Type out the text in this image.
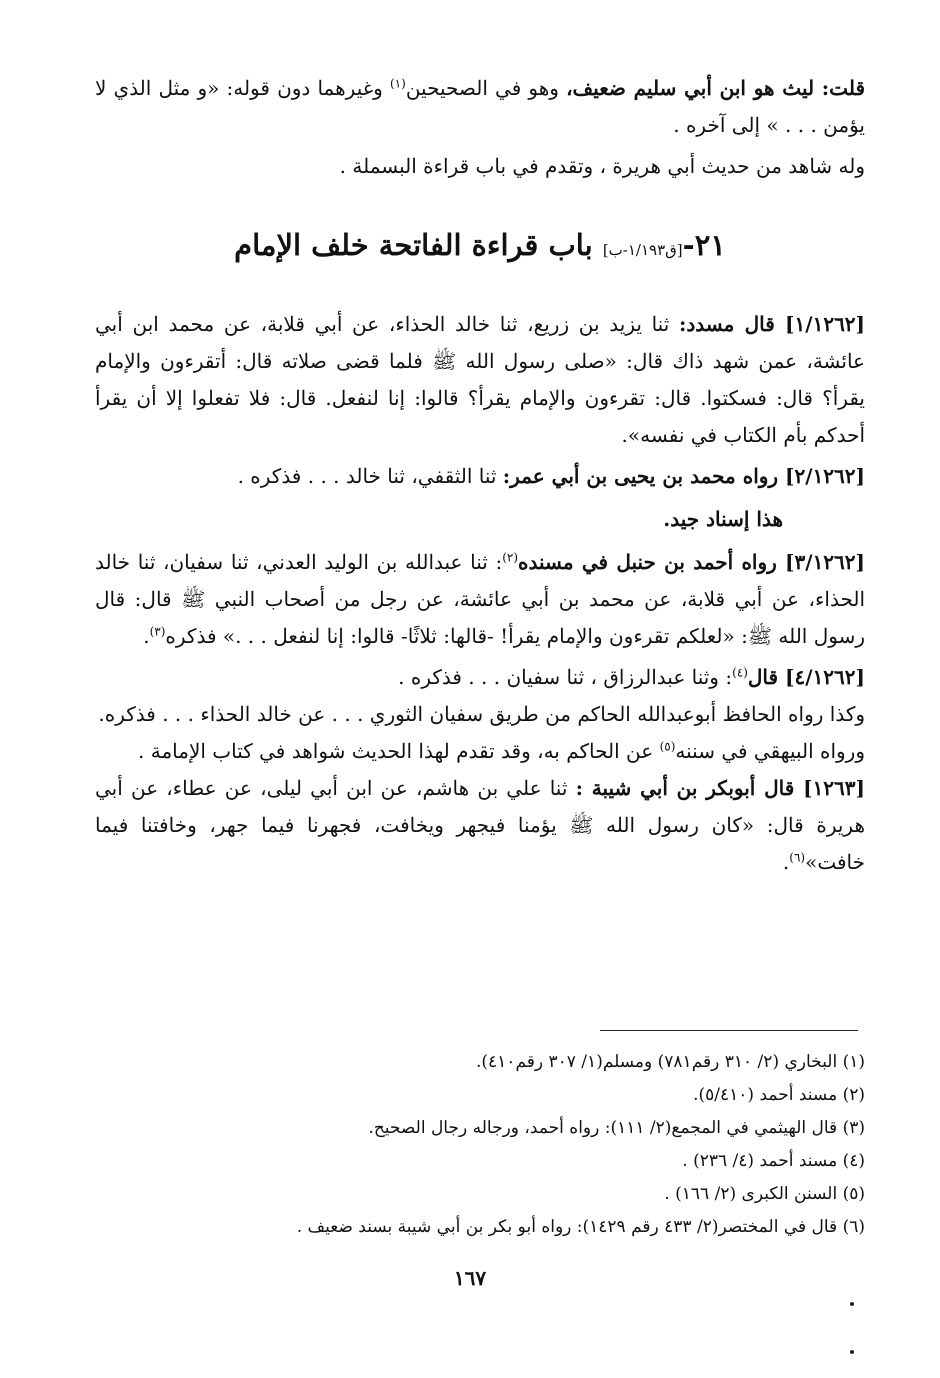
قلت: ليث هو ابن أبي سليم ضعيف، وهو في الصحيحين$^{(١)}$ وغيرهما دون قوله: «و مثل الذي لا يؤمن . . . » إلى آخره .

وله شاهد من حديث أبي هريرة ، وتقدم في باب قراءة البسملة .

٢١-[ق١/١٩٣-ب] باب قراءة الفاتحة خلف الإمام

[١/١٢٦٢] قال مسدد: ثنا يزيد بن زريع، ثنا خالد الحذاء، عن أبي قلابة، عن محمد ابن أبي عائشة، عمن شهد ذاك قال: «صلى رسول الله ﷺ فلما قضى صلاته قال: أتقرءون والإمام يقرأ؟ قال: فسكتوا. قال: تقرءون والإمام يقرأ؟ قالوا: إنا لنفعل. قال: فلا تفعلوا إلا أن يقرأ أحدكم بأم الكتاب في نفسه».

[٢/١٢٦٢] رواه محمد بن يحيى بن أبي عمر: ثنا الثقفي، ثنا خالد . . . فذكره .

هذا إسناد جيد.

[٣/١٢٦٢] رواه أحمد بن حنبل في مسنده$^{(٢)}$: ثنا عبدالله بن الوليد العدني، ثنا سفيان، ثنا خالد الحذاء، عن أبي قلابة، عن محمد بن أبي عائشة، عن رجل من أصحاب النبي ﷺ قال: قال رسول الله ﷺ: «لعلكم تقرءون والإمام يقرأ! -قالها: ثلاثًا- قالوا: إنا لنفعل . . .» فذكره$^{(٣)}$.

[٤/١٢٦٢] قال$^{(٤)}$: وثنا عبدالرزاق ، ثنا سفيان . . . فذكره .

وكذا رواه الحافظ أبوعبدالله الحاكم من طريق سفيان الثوري . . . عن خالد الحذاء . . . فذكره.

ورواه البيهقي في سننه$^{(٥)}$ عن الحاكم به، وقد تقدم لهذا الحديث شواهد في كتاب الإمامة .

[١٢٦٣] قال أبوبكر بن أبي شيبة : ثنا علي بن هاشم، عن ابن أبي ليلى، عن عطاء، عن أبي هريرة قال: «كان رسول الله ﷺ يؤمنا فيجهر ويخافت، فجهرنا فيما جهر، وخافتنا فيما خافت»$^{(٦)}$.

(١) البخاري (٢/ ٣١٠ رقم٧٨١) ومسلم(١/ ٣٠٧ رقم٤١٠).

(٢) مسند أحمد (٥/٤١٠).

(٣) قال الهيثمي في المجمع(٢/ ١١١): رواه أحمد، ورجاله رجال الصحيح.

(٤) مسند أحمد (٤/ ٢٣٦) .

(٥) السنن الكبرى (٢/ ١٦٦) .

(٦) قال في المختصر(٢/ ٤٣٣ رقم ١٤٢٩): رواه أبو بكر بن أبي شيبة بسند ضعيف .

١٦٧
